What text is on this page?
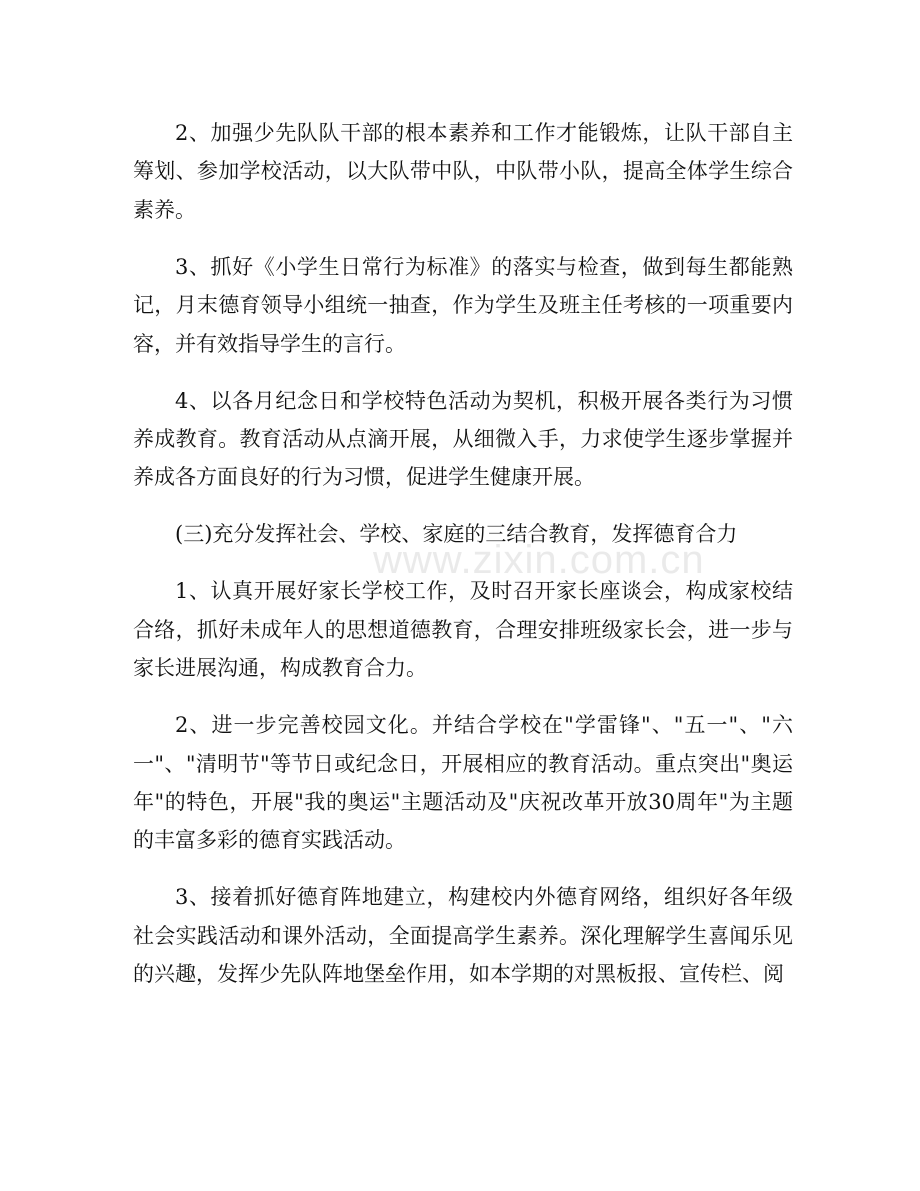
www.zixin.com.cn

2、加强少先队队干部的根本素养和工作才能锻炼，让队干部自主筹划、参加学校活动，以大队带中队，中队带小队，提高全体学生综合素养。

3、抓好《小学生日常行为标准》的落实与检查，做到每生都能熟记，月末德育领导小组统一抽查，作为学生及班主任考核的一项重要内容，并有效指导学生的言行。

4、以各月纪念日和学校特色活动为契机，积极开展各类行为习惯养成教育。教育活动从点滴开展，从细微入手，力求使学生逐步掌握并养成各方面良好的行为习惯，促进学生健康开展。

(三)充分发挥社会、学校、家庭的三结合教育，发挥德育合力

1、认真开展好家长学校工作，及时召开家长座谈会，构成家校结合络，抓好未成年人的思想道德教育，合理安排班级家长会，进一步与家长进展沟通，构成教育合力。

2、进一步完善校园文化。并结合学校在"学雷锋"、"五一"、"六一"、"清明节"等节日或纪念日，开展相应的教育活动。重点突出"奥运年"的特色，开展"我的奥运"主题活动及"庆祝改革开放30周年"为主题的丰富多彩的德育实践活动。

3、接着抓好德育阵地建立，构建校内外德育网络，组织好各年级社会实践活动和课外活动，全面提高学生素养。深化理解学生喜闻乐见的兴趣，发挥少先队阵地堡垒作用，如本学期的对黑板报、宣传栏、阅
